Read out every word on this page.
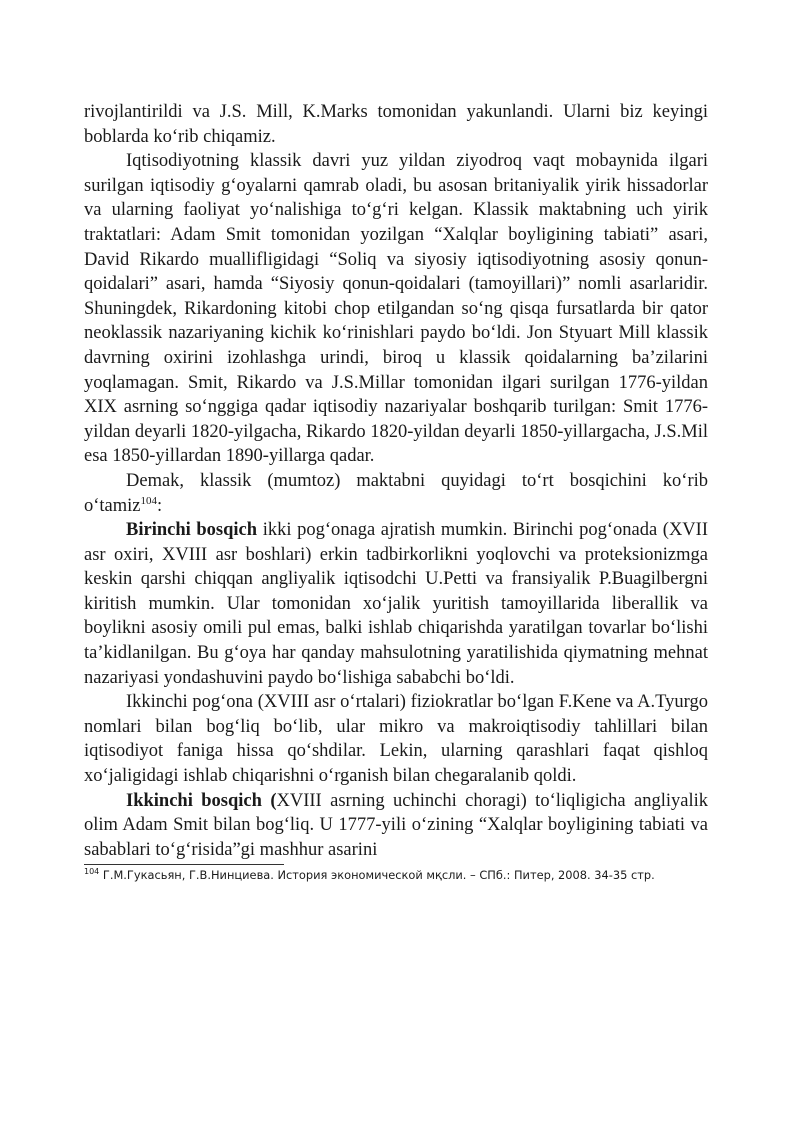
rivojlantirildi va J.S. Mill, K.Marks tomonidan yakunlandi. Ularni biz keyingi boblarda ko‘rib chiqamiz.

Iqtisodiyotning klassik davri yuz yildan ziyodroq vaqt mobaynida ilgari surilgan iqtisodiy g‘oyalarni qamrab oladi, bu asosan britaniyalik yirik hissadorlar va ularning faoliyat yo‘nalishiga to‘g‘ri kelgan. Klassik maktabning uch yirik traktatlari: Adam Smit tomonidan yozilgan “Xalqlar boyligining tabiati” asari, David Rikardo muallifligidagi “Soliq va siyosiy iqtisodiyotning asosiy qonun-qoidalari” asari, hamda “Siyosiy qonun-qoidalari (tamoyillari)” nomli asarlaridir. Shuningdek, Rikardoning kitobi chop etilgandan so‘ng qisqa fursatlarda bir qator neoklassik nazariyaning kichik ko‘rinishlari paydo bo‘ldi. Jon Styuart Mill klassik davrning oxirini izohlashga urindi, biroq u klassik qoidalarning ba’zilarini yoqlamagan. Smit, Rikardo va J.S.Millar tomonidan ilgari surilgan 1776-yildan XIX asrning so‘nggiga qadar iqtisodiy nazariyalar boshqarib turilgan: Smit 1776-yildan deyarli 1820-yilgacha, Rikardo 1820-yildan deyarli 1850-yillargacha, J.S.Mil esa 1850-yillardan 1890-yillarga qadar.

Demak, klassik (mumtoz) maktabni quyidagi to‘rt bosqichini ko‘rib o‘tamiz$^{104}$:

Birinchi bosqich ikki pog‘onaga ajratish mumkin. Birinchi pog‘onada (XVII asr oxiri, XVIII asr boshlari) erkin tadbirkorlikni yoqlovchi va proteksionizmga keskin qarshi chiqqan angliyalik iqtisodchi U.Petti va fransiyalik P.Buagilbergni kiritish mumkin. Ular tomonidan xo‘jalik yuritish tamoyillarida liberallik va boylikni asosiy omili pul emas, balki ishlab chiqarishda yaratilgan tovarlar bo‘lishi ta’kidlanilgan. Bu g‘oya har qanday mahsulotning yaratilishida qiymatning mehnat nazariyasi yondashuvini paydo bo‘lishiga sababchi bo‘ldi.

Ikkinchi pog‘ona (XVIII asr o‘rtalari) fiziokratlar bo‘lgan F.Kene va A.Tyurgo nomlari bilan bog‘liq bo‘lib, ular mikro va makroiqtisodiy tahlillari bilan iqtisodiyot faniga hissa qo‘shdilar. Lekin, ularning qarashlari faqat qishloq xo‘jaligidagi ishlab chiqarishni o‘rganish bilan chegaralanib qoldi.

Ikkinchi bosqich (XVIII asrning uchinchi choragi) to‘liqligicha angliyalik olim Adam Smit bilan bog‘liq. U 1777-yili o‘zining “Xalqlar boyligining tabiati va sabablari to‘g‘risida”gi mashhur asarini

$^{104}$ Г.М.Гукасьян, Г.В.Нинциева. История экономической мқсли. – СПб.: Питер, 2008. 34-35 стр.
